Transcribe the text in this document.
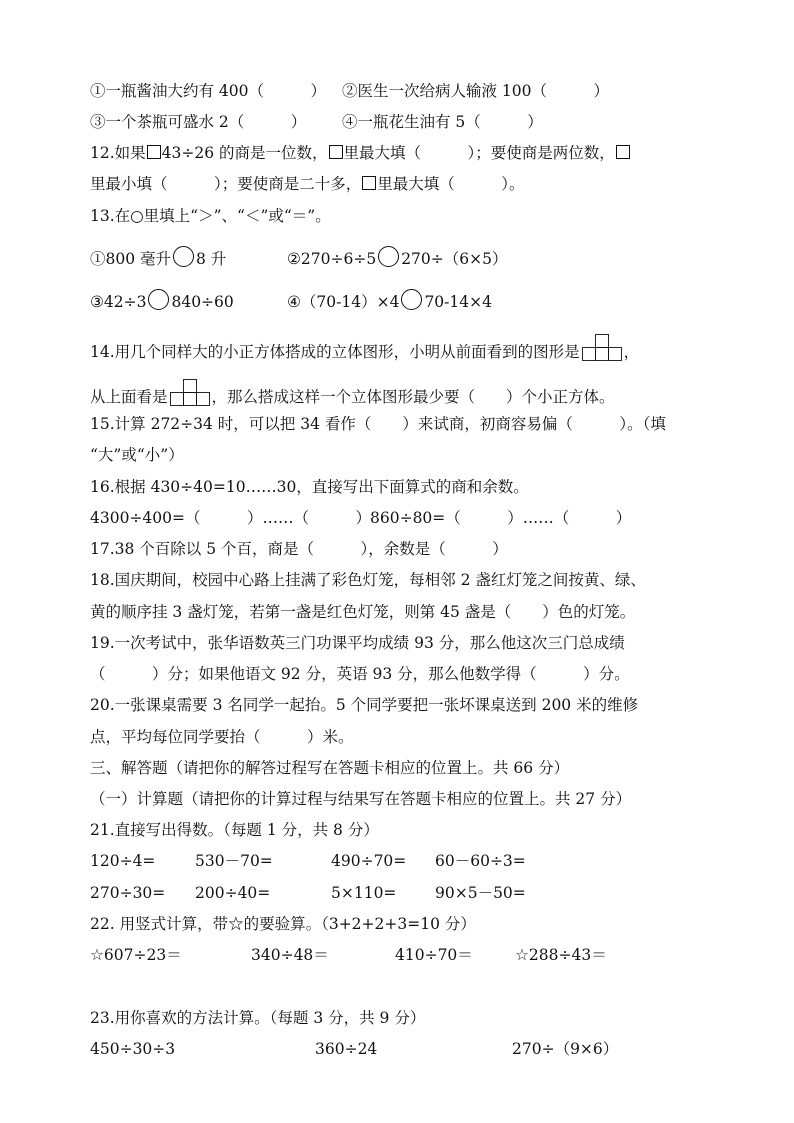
①一瓶酱油大约有 400（　　　） ②医生一次给病人输液 100（　　　）
③一个茶瓶可盛水 2（　　　） ④一瓶花生油有 5（　　　）
12.如果 43÷26 的商是一位数， 里最大填（　　　）；要使商是两位数，
里最小填（　　　）；要使商是二十多， 里最大填（　　　）。
13.在○里填上“＞”、“＜”或“＝”。
①800 毫升 8 升	②270÷6÷5 270÷（6×5）
③42÷3 840÷60	④（70-14）×4 70-14×4
14.用几个同样大的小正方体搭成的立体图形，小明从前面看到的图形是	，
从上面看是	，那么搭成这样一个立体图形最少要（　　）个小正方体。
15.计算 272÷34 时，可以把 34 看作（　　）来试商，初商容易偏（　　　）。（填
“大”或“小”）
16.根据 430÷40=10……30，直接写出下面算式的商和余数。
4300÷400=（　　　）……（　　　）
860÷80=（　　　）……（　　　）
17.38 个百除以 5 个百，商是（　　　），余数是（　　　）
18.国庆期间，校园中心路上挂满了彩色灯笼，每相邻 2 盏红灯笼之间按黄、绿、
黄的顺序挂 3 盏灯笼，若第一盏是红色灯笼，则第 45 盏是（　　）色的灯笼。
19.一次考试中，张华语数英三门功课平均成绩 93 分，那么他这次三门总成绩
（　　　）分；如果他语文 92 分，英语 93 分，那么他数学得（　　　）分。
20.一张课桌需要 3 名同学一起抬。5 个同学要把一张坏课桌送到 200 米的维修
点，平均每位同学要抬（　　　）米。
三、解答题（请把你的解答过程写在答题卡相应的位置上。共 66 分）
（一）计算题（请把你的计算过程与结果写在答题卡相应的位置上。共 27 分）
21.直接写出得数。（每题 1 分，共 8 分）
120÷4=	530－70=	490÷70= 60－60÷3=
270÷30= 200÷40=	5×110= 90×5－50=
22. 用竖式计算，带☆的要验算。（3+2+2+3=10 分）
☆607÷23＝	340÷48＝	410÷70＝	☆288÷43＝
23.用你喜欢的方法计算。（每题 3 分，共 9 分）
450÷30÷3	360÷24	270÷（9×6）
